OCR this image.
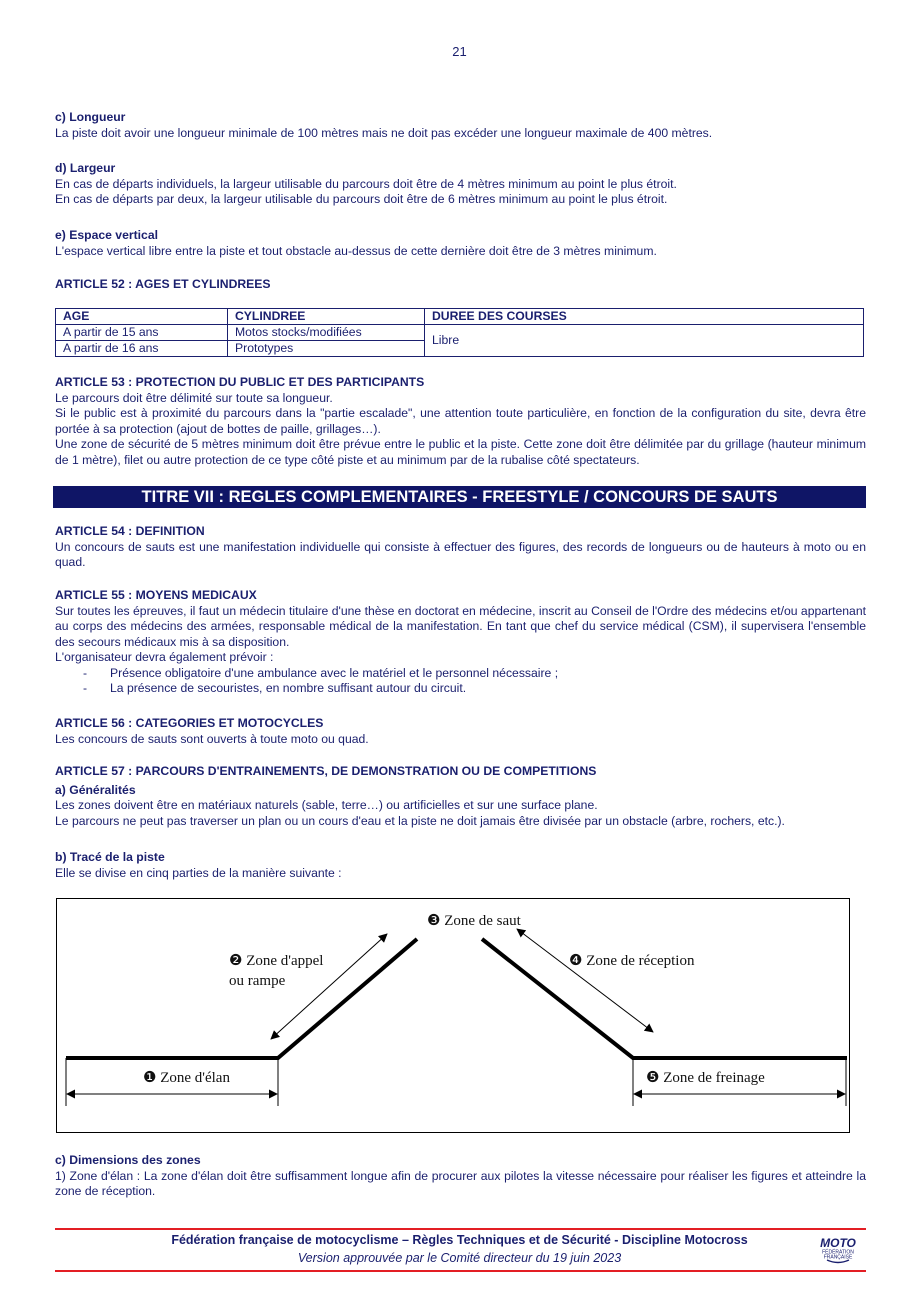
21
c) Longueur
La piste doit avoir une longueur minimale de 100 mètres mais ne doit pas excéder une longueur maximale de 400 mètres.
d) Largeur
En cas de départs individuels, la largeur utilisable du parcours doit être de 4 mètres minimum au point le plus étroit.
En cas de départs par deux, la largeur utilisable du parcours doit être de 6 mètres minimum au point le plus étroit.
e) Espace vertical
L'espace vertical libre entre la piste et tout obstacle au-dessus de cette dernière doit être de 3 mètres minimum.
ARTICLE 52 : AGES ET CYLINDREES
AGE	CYLINDREE	DUREE DES COURSES
A partir de 15 ans	Motos stocks/modifiées	Libre
A partir de 16 ans	Prototypes	
ARTICLE 53 : PROTECTION DU PUBLIC ET DES PARTICIPANTS
Le parcours doit être délimité sur toute sa longueur.
Si le public est à proximité du parcours dans la "partie escalade", une attention toute particulière, en fonction de la configuration du site, devra être portée à sa protection (ajout de bottes de paille, grillages…).
Une zone de sécurité de 5 mètres minimum doit être prévue entre le public et la piste. Cette zone doit être délimitée par du grillage (hauteur minimum de 1 mètre), filet ou autre protection de ce type côté piste et au minimum par de la rubalise côté spectateurs.
TITRE VII : REGLES COMPLEMENTAIRES - FREESTYLE / CONCOURS DE SAUTS
ARTICLE 54 : DEFINITION
Un concours de sauts est une manifestation individuelle qui consiste à effectuer des figures, des records de longueurs ou de hauteurs à moto ou en quad.
ARTICLE 55 : MOYENS MEDICAUX
Sur toutes les épreuves, il faut un médecin titulaire d'une thèse en doctorat en médecine, inscrit au Conseil de l'Ordre des médecins et/ou appartenant au corps des médecins des armées, responsable médical de la manifestation. En tant que chef du service médical (CSM), il supervisera l'ensemble des secours médicaux mis à sa disposition.
L'organisateur devra également prévoir :
- Présence obligatoire d'une ambulance avec le matériel et le personnel nécessaire ;
- La présence de secouristes, en nombre suffisant autour du circuit.
ARTICLE 56 : CATEGORIES ET MOTOCYCLES
Les concours de sauts sont ouverts à toute moto ou quad.
ARTICLE 57 : PARCOURS D'ENTRAINEMENTS, DE DEMONSTRATION OU DE COMPETITIONS
a) Généralités
Les zones doivent être en matériaux naturels (sable, terre…) ou artificielles et sur une surface plane.
Le parcours ne peut pas traverser un plan ou un cours d'eau et la piste ne doit jamais être divisée par un obstacle (arbre, rochers, etc.).
b) Tracé de la piste
Elle se divise en cinq parties de la manière suivante :
❸ Zone de saut
❷ Zone d'appel
ou rampe
❹ Zone de réception
❶ Zone d'élan	❺ Zone de freinage
c) Dimensions des zones
1) Zone d'élan : La zone d'élan doit être suffisamment longue afin de procurer aux pilotes la vitesse nécessaire pour réaliser les figures et atteindre la zone de réception.
Fédération française de motocyclisme – Règles Techniques et de Sécurité - Discipline Motocross
Version approuvée par le Comité directeur du 19 juin 2023
MOTO
FÉDÉRATION
FRANÇAISE
